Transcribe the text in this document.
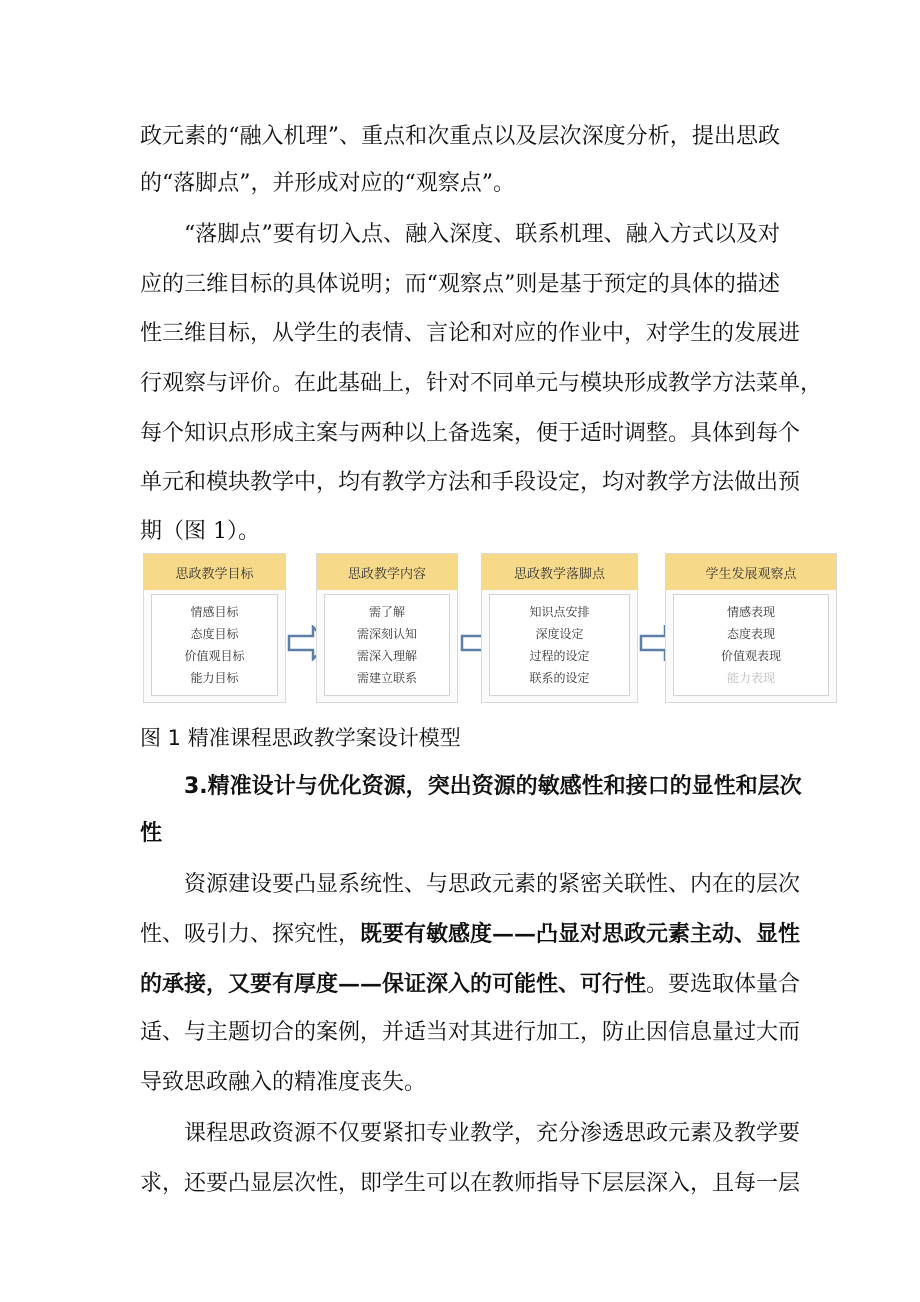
政元素的“融入机理”、重点和次重点以及层次深度分析，提出思政
的“落脚点”，并形成对应的“观察点”。
“落脚点”要有切入点、融入深度、联系机理、融入方式以及对
应的三维目标的具体说明；而“观察点”则是基于预定的具体的描述
性三维目标，从学生的表情、言论和对应的作业中，对学生的发展进
行观察与评价。在此基础上，针对不同单元与模块形成教学方法菜单，
每个知识点形成主案与两种以上备选案，便于适时调整。具体到每个
单元和模块教学中，均有教学方法和手段设定，均对教学方法做出预
期（图 1）。
思政教学目标
情感目标
态度目标
价值观目标
能力目标
思政教学内容
需了解
需深刻认知
需深入理解
需建立联系
思政教学落脚点
知识点安排
深度设定
过程的设定
联系的设定
学生发展观察点
情感表现
态度表现
价值观表现
能力表现
图 1 精准课程思政教学案设计模型
3.精准设计与优化资源，突出资源的敏感性和接口的显性和层次
性
资源建设要凸显系统性、与思政元素的紧密关联性、内在的层次
性、吸引力、探究性，既要有敏感度——凸显对思政元素主动、显性
的承接，又要有厚度——保证深入的可能性、可行性。要选取体量合
适、与主题切合的案例，并适当对其进行加工，防止因信息量过大而
导致思政融入的精准度丧失。
课程思政资源不仅要紧扣专业教学，充分渗透思政元素及教学要
求，还要凸显层次性，即学生可以在教师指导下层层深入，且每一层
